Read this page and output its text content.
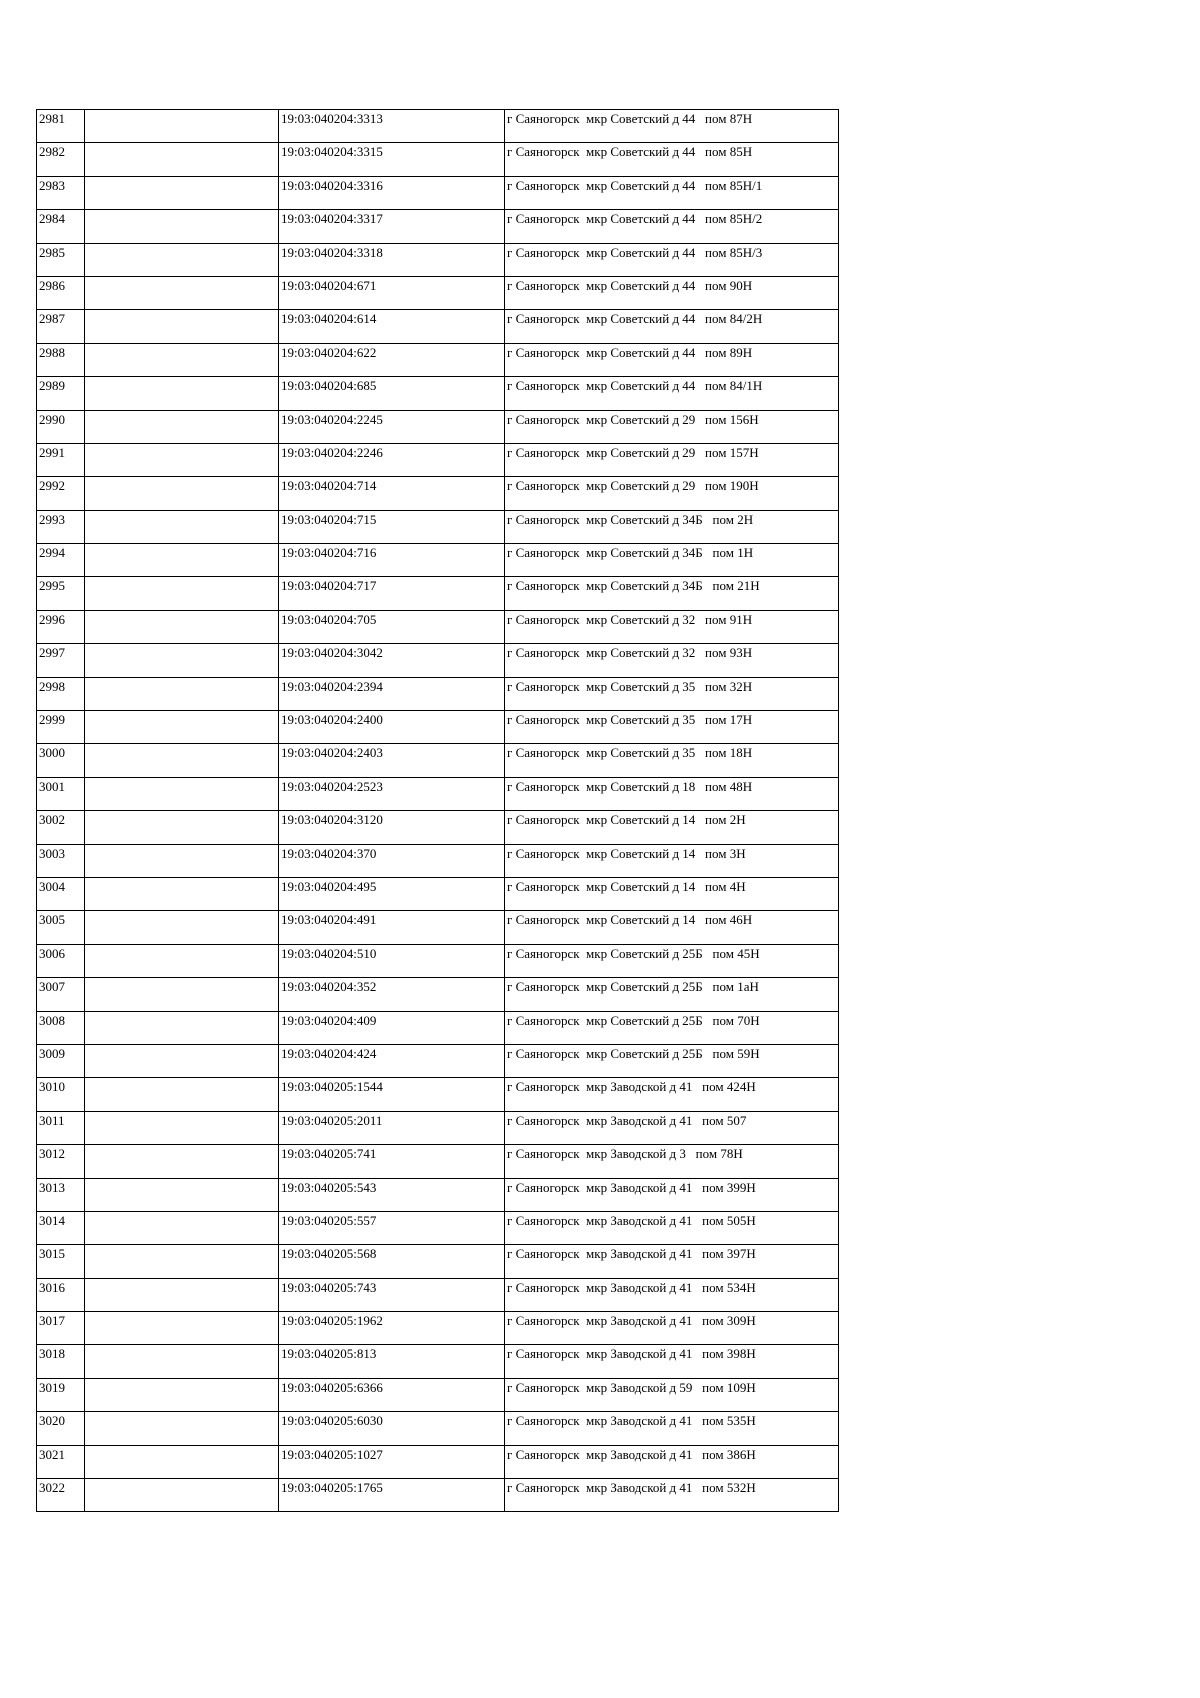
2981		19:03:040204:3313	г Саяногорск  мкр Советский д 44   пом 87Н
2982		19:03:040204:3315	г Саяногорск  мкр Советский д 44   пом 85Н
2983		19:03:040204:3316	г Саяногорск  мкр Советский д 44   пом 85Н/1
2984		19:03:040204:3317	г Саяногорск  мкр Советский д 44   пом 85Н/2
2985		19:03:040204:3318	г Саяногорск  мкр Советский д 44   пом 85Н/3
2986		19:03:040204:671	г Саяногорск  мкр Советский д 44   пом 90Н
2987		19:03:040204:614	г Саяногорск  мкр Советский д 44   пом 84/2Н
2988		19:03:040204:622	г Саяногорск  мкр Советский д 44   пом 89Н
2989		19:03:040204:685	г Саяногорск  мкр Советский д 44   пом 84/1Н
2990		19:03:040204:2245	г Саяногорск  мкр Советский д 29   пом 156Н
2991		19:03:040204:2246	г Саяногорск  мкр Советский д 29   пом 157Н
2992		19:03:040204:714	г Саяногорск  мкр Советский д 29   пом 190Н
2993		19:03:040204:715	г Саяногорск  мкр Советский д 34Б   пом 2Н
2994		19:03:040204:716	г Саяногорск  мкр Советский д 34Б   пом 1Н
2995		19:03:040204:717	г Саяногорск  мкр Советский д 34Б   пом 21Н
2996		19:03:040204:705	г Саяногорск  мкр Советский д 32   пом 91Н
2997		19:03:040204:3042	г Саяногорск  мкр Советский д 32   пом 93Н
2998		19:03:040204:2394	г Саяногорск  мкр Советский д 35   пом 32Н
2999		19:03:040204:2400	г Саяногорск  мкр Советский д 35   пом 17Н
3000		19:03:040204:2403	г Саяногорск  мкр Советский д 35   пом 18Н
3001		19:03:040204:2523	г Саяногорск  мкр Советский д 18   пом 48Н
3002		19:03:040204:3120	г Саяногорск  мкр Советский д 14   пом 2Н
3003		19:03:040204:370	г Саяногорск  мкр Советский д 14   пом 3Н
3004		19:03:040204:495	г Саяногорск  мкр Советский д 14   пом 4Н
3005		19:03:040204:491	г Саяногорск  мкр Советский д 14   пом 46Н
3006		19:03:040204:510	г Саяногорск  мкр Советский д 25Б   пом 45Н
3007		19:03:040204:352	г Саяногорск  мкр Советский д 25Б   пом 1аН
3008		19:03:040204:409	г Саяногорск  мкр Советский д 25Б   пом 70Н
3009		19:03:040204:424	г Саяногорск  мкр Советский д 25Б   пом 59Н
3010		19:03:040205:1544	г Саяногорск  мкр Заводской д 41   пом 424Н
3011		19:03:040205:2011	г Саяногорск  мкр Заводской д 41   пом 507
3012		19:03:040205:741	г Саяногорск  мкр Заводской д 3   пом 78Н
3013		19:03:040205:543	г Саяногорск  мкр Заводской д 41   пом 399Н
3014		19:03:040205:557	г Саяногорск  мкр Заводской д 41   пом 505Н
3015		19:03:040205:568	г Саяногорск  мкр Заводской д 41   пом 397Н
3016		19:03:040205:743	г Саяногорск  мкр Заводской д 41   пом 534Н
3017		19:03:040205:1962	г Саяногорск  мкр Заводской д 41   пом 309Н
3018		19:03:040205:813	г Саяногорск  мкр Заводской д 41   пом 398Н
3019		19:03:040205:6366	г Саяногорск  мкр Заводской д 59   пом 109Н
3020		19:03:040205:6030	г Саяногорск  мкр Заводской д 41   пом 535Н
3021		19:03:040205:1027	г Саяногорск  мкр Заводской д 41   пом 386Н
3022		19:03:040205:1765	г Саяногорск  мкр Заводской д 41   пом 532Н
